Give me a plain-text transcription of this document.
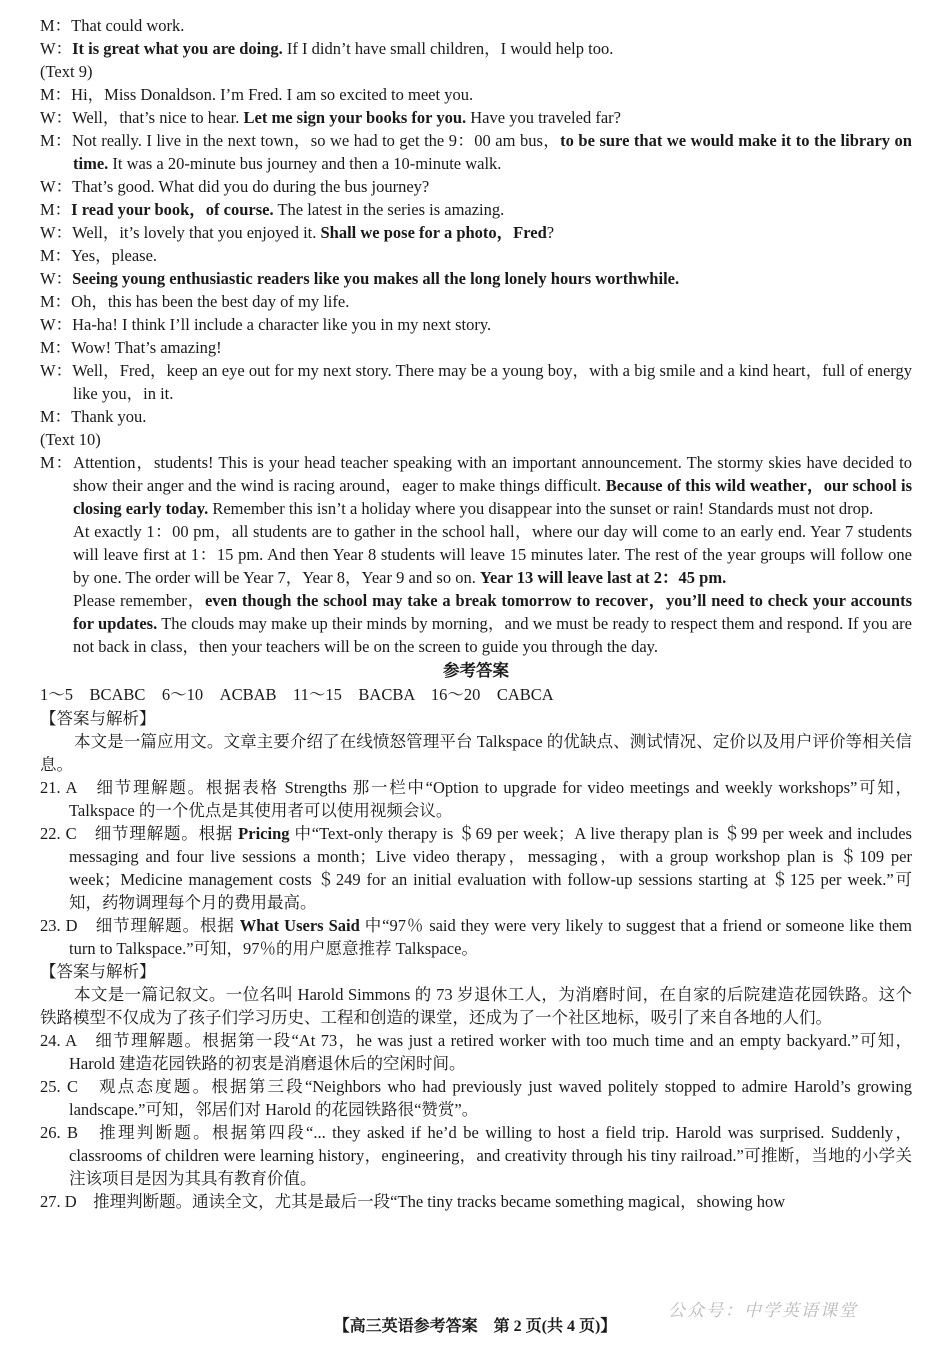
M：That could work.
W：It is great what you are doing. If I didn’t have small children，I would help too.
(Text 9)
M：Hi，Miss Donaldson. I’m Fred. I am so excited to meet you.
W：Well，that’s nice to hear. Let me sign your books for you. Have you traveled far?
M：Not really. I live in the next town，so we had to get the 9：00 am bus，to be sure that we would make it to the library on time. It was a 20-minute bus journey and then a 10-minute walk.
W：That’s good. What did you do during the bus journey?
M：I read your book，of course. The latest in the series is amazing.
W：Well，it’s lovely that you enjoyed it. Shall we pose for a photo，Fred?
M：Yes，please.
W：Seeing young enthusiastic readers like you makes all the long lonely hours worthwhile.
M：Oh，this has been the best day of my life.
W：Ha-ha! I think I’ll include a character like you in my next story.
M：Wow! That’s amazing!
W：Well，Fred，keep an eye out for my next story. There may be a young boy，with a big smile and a kind heart，full of energy like you，in it.
M：Thank you.
(Text 10)
M：Attention，students! This is your head teacher speaking with an important announcement. The stormy skies have decided to show their anger and the wind is racing around，eager to make things difficult. Because of this wild weather，our school is closing early today. Remember this isn’t a holiday where you disappear into the sunset or rain! Standards must not drop.
At exactly 1：00 pm，all students are to gather in the school hall，where our day will come to an early end. Year 7 students will leave first at 1：15 pm. And then Year 8 students will leave 15 minutes later. The rest of the year groups will follow one by one. The order will be Year 7，Year 8，Year 9 and so on. Year 13 will leave last at 2：45 pm.
Please remember，even though the school may take a break tomorrow to recover，you’ll need to check your accounts for updates. The clouds may make up their minds by morning，and we must be ready to respect them and respond. If you are not back in class，then your teachers will be on the screen to guide you through the day.
参考答案
1～5　BCABC　6～10　ACBAB　11～15　BACBA　16～20　CABCA
【答案与解析】
本文是一篇应用文。文章主要介绍了在线愤怒管理平台 Talkspace 的优缺点、测试情况、定价以及用户评价等相关信息。
21. A　细节理解题。根据表格 Strengths 那一栏中“Option to upgrade for video meetings and weekly workshops”可知，Talkspace 的一个优点是其使用者可以使用视频会议。
22. C　细节理解题。根据 Pricing 中“Text-only therapy is ＄69 per week；A live therapy plan is ＄99 per week and includes messaging and four live sessions a month；Live video therapy，messaging，with a group workshop plan is ＄109 per week；Medicine management costs ＄249 for an initial evaluation with follow-up sessions starting at ＄125 per week.”可知，药物调理每个月的费用最高。
23. D　细节理解题。根据 What Users Said 中“97％ said they were very likely to suggest that a friend or someone like them turn to Talkspace.”可知，97％的用户愿意推荐 Talkspace。
【答案与解析】
本文是一篇记叙文。一位名叫 Harold Simmons 的 73 岁退休工人，为消磨时间，在自家的后院建造花园铁路。这个铁路模型不仅成为了孩子们学习历史、工程和创造的课堂，还成为了一个社区地标，吸引了来自各地的人们。
24. A　细节理解题。根据第一段“At 73，he was just a retired worker with too much time and an empty backyard.”可知，Harold 建造花园铁路的初衷是消磨退休后的空闲时间。
25. C　观点态度题。根据第三段“Neighbors who had previously just waved politely stopped to admire Harold’s growing landscape.”可知，邻居们对 Harold 的花园铁路很“赞赏”。
26. B　推理判断题。根据第四段“... they asked if he’d be willing to host a field trip. Harold was surprised. Suddenly，classrooms of children were learning history，engineering，and creativity through his tiny railroad.”可推断，当地的小学关注该项目是因为其具有教育价值。
27. D　推理判断题。通读全文，尤其是最后一段“The tiny tracks became something magical，showing how
公众号：中学英语课堂
【高三英语参考答案　第 2 页(共 4 页)】
